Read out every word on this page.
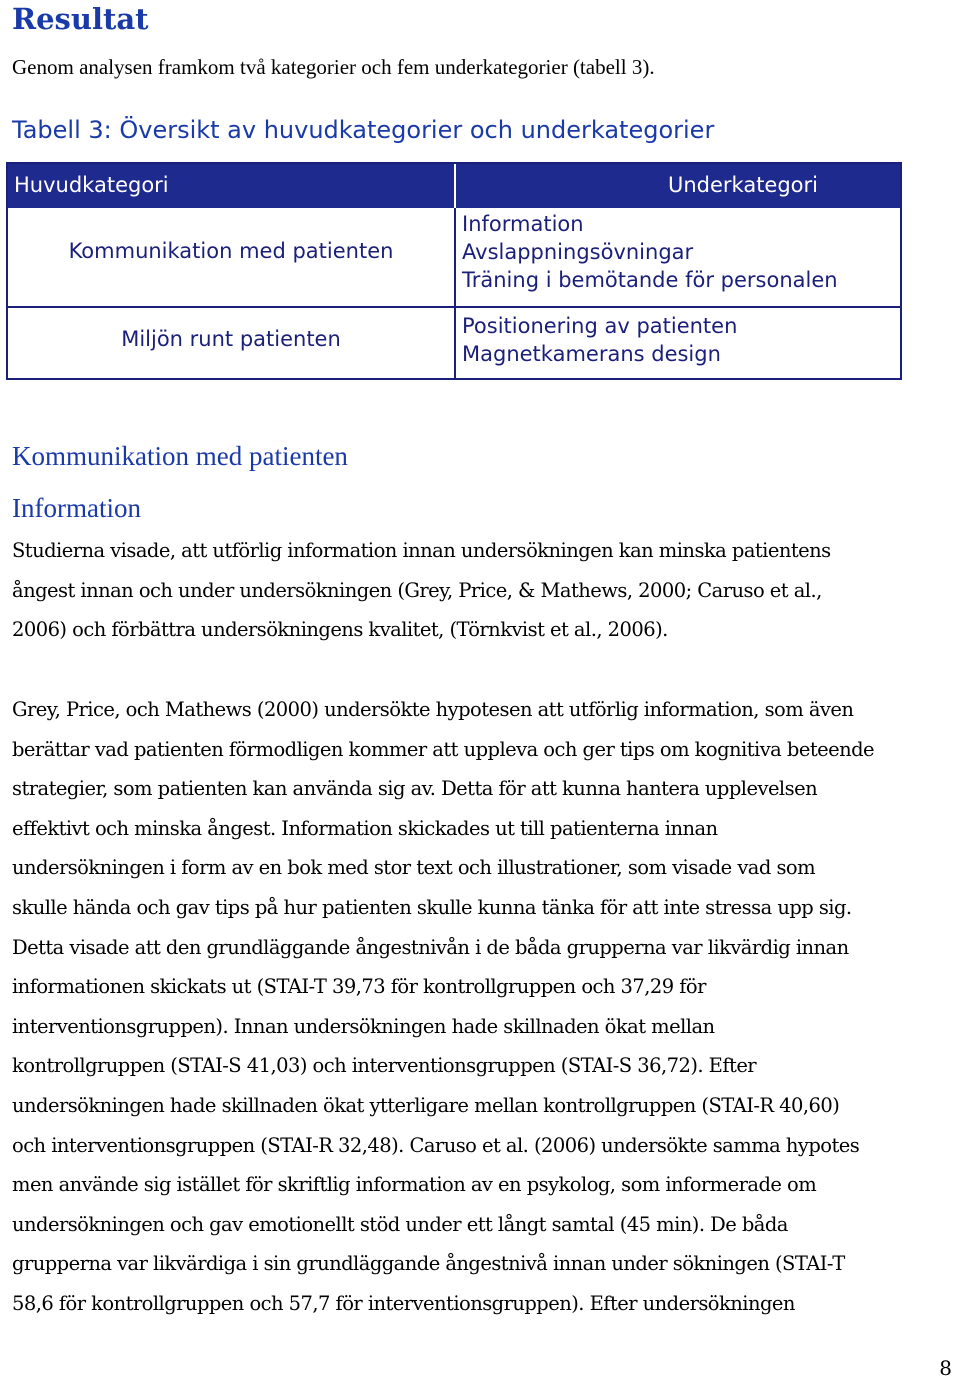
Resultat
Genom analysen framkom två kategorier och fem underkategorier (tabell 3).
Tabell 3: Översikt av huvudkategorier och underkategorier
Huvudkategori	Underkategori
Kommunikation med patienten
Information
Avslappningsövningar
Träning i bemötande för personalen
Miljön runt patienten
Positionering av patienten
Magnetkamerans design
Kommunikation med patienten
Information
Studierna visade, att utförlig information innan undersökningen kan minska patientens
ångest innan och under undersökningen (Grey, Price, & Mathews, 2000; Caruso et al.,
2006) och förbättra undersökningens kvalitet, (Törnkvist et al., 2006).
Grey, Price, och Mathews (2000) undersökte hypotesen att utförlig information, som även
berättar vad patienten förmodligen kommer att uppleva och ger tips om kognitiva beteende
strategier, som patienten kan använda sig av. Detta för att kunna hantera upplevelsen
effektivt och minska ångest. Information skickades ut till patienterna innan
undersökningen i form av en bok med stor text och illustrationer, som visade vad som
skulle hända och gav tips på hur patienten skulle kunna tänka för att inte stressa upp sig.
Detta visade att den grundläggande ångestnivån i de båda grupperna var likvärdig innan
informationen skickats ut (STAI-T 39,73 för kontrollgruppen och 37,29 för
interventionsgruppen). Innan undersökningen hade skillnaden ökat mellan
kontrollgruppen (STAI-S 41,03) och interventionsgruppen (STAI-S 36,72). Efter
undersökningen hade skillnaden ökat ytterligare mellan kontrollgruppen (STAI-R 40,60)
och interventionsgruppen (STAI-R 32,48). Caruso et al. (2006) undersökte samma hypotes
men använde sig istället för skriftlig information av en psykolog, som informerade om
undersökningen och gav emotionellt stöd under ett långt samtal (45 min). De båda
grupperna var likvärdiga i sin grundläggande ångestnivå innan under sökningen (STAI-T
58,6 för kontrollgruppen och 57,7 för interventionsgruppen). Efter undersökningen
8
